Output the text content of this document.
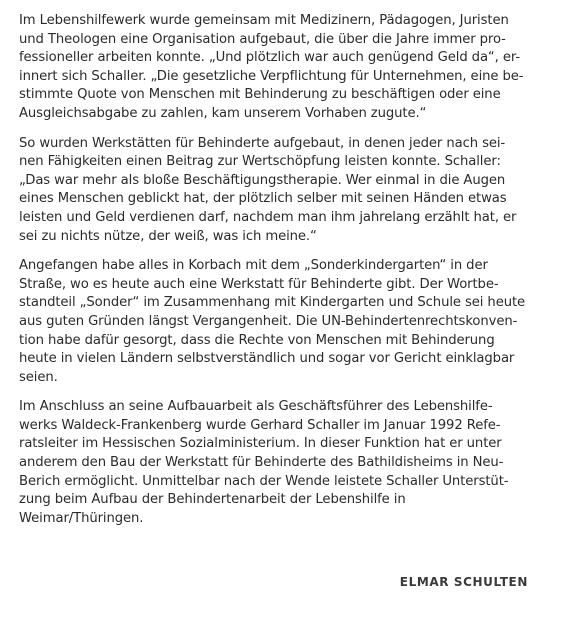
Im Lebenshilfewerk wurde gemeinsam mit Medizinern, Pädagogen, Juristen
und Theologen eine Organisation aufgebaut, die über die Jahre immer pro-
fessioneller arbeiten konnte. „Und plötzlich war auch genügend Geld da“, er-
innert sich Schaller. „Die gesetzliche Verpflichtung für Unternehmen, eine be-
stimmte Quote von Menschen mit Behinderung zu beschäftigen oder eine
Ausgleichsabgabe zu zahlen, kam unserem Vorhaben zugute.“

So wurden Werkstätten für Behinderte aufgebaut, in denen jeder nach sei-
nen Fähigkeiten einen Beitrag zur Wertschöpfung leisten konnte. Schaller:
„Das war mehr als bloße Beschäftigungstherapie. Wer einmal in die Augen
eines Menschen geblickt hat, der plötzlich selber mit seinen Händen etwas
leisten und Geld verdienen darf, nachdem man ihm jahrelang erzählt hat, er
sei zu nichts nütze, der weiß, was ich meine.“

Angefangen habe alles in Korbach mit dem „Sonderkindergarten“ in der
Straße, wo es heute auch eine Werkstatt für Behinderte gibt. Der Wortbe-
standteil „Sonder“ im Zusammenhang mit Kindergarten und Schule sei heute
aus guten Gründen längst Vergangenheit. Die UN-Behindertenrechtskonven-
tion habe dafür gesorgt, dass die Rechte von Menschen mit Behinderung
heute in vielen Ländern selbstverständlich und sogar vor Gericht einklagbar
seien.

Im Anschluss an seine Aufbauarbeit als Geschäftsführer des Lebenshilfe-
werks Waldeck-Frankenberg wurde Gerhard Schaller im Januar 1992 Refe-
ratsleiter im Hessischen Sozialministerium. In dieser Funktion hat er unter
anderem den Bau der Werkstatt für Behinderte des Bathildisheims in Neu-
Berich ermöglicht. Unmittelbar nach der Wende leistete Schaller Unterstüt-
zung beim Aufbau der Behindertenarbeit der Lebenshilfe in
Weimar/Thüringen.

ELMAR SCHULTEN
